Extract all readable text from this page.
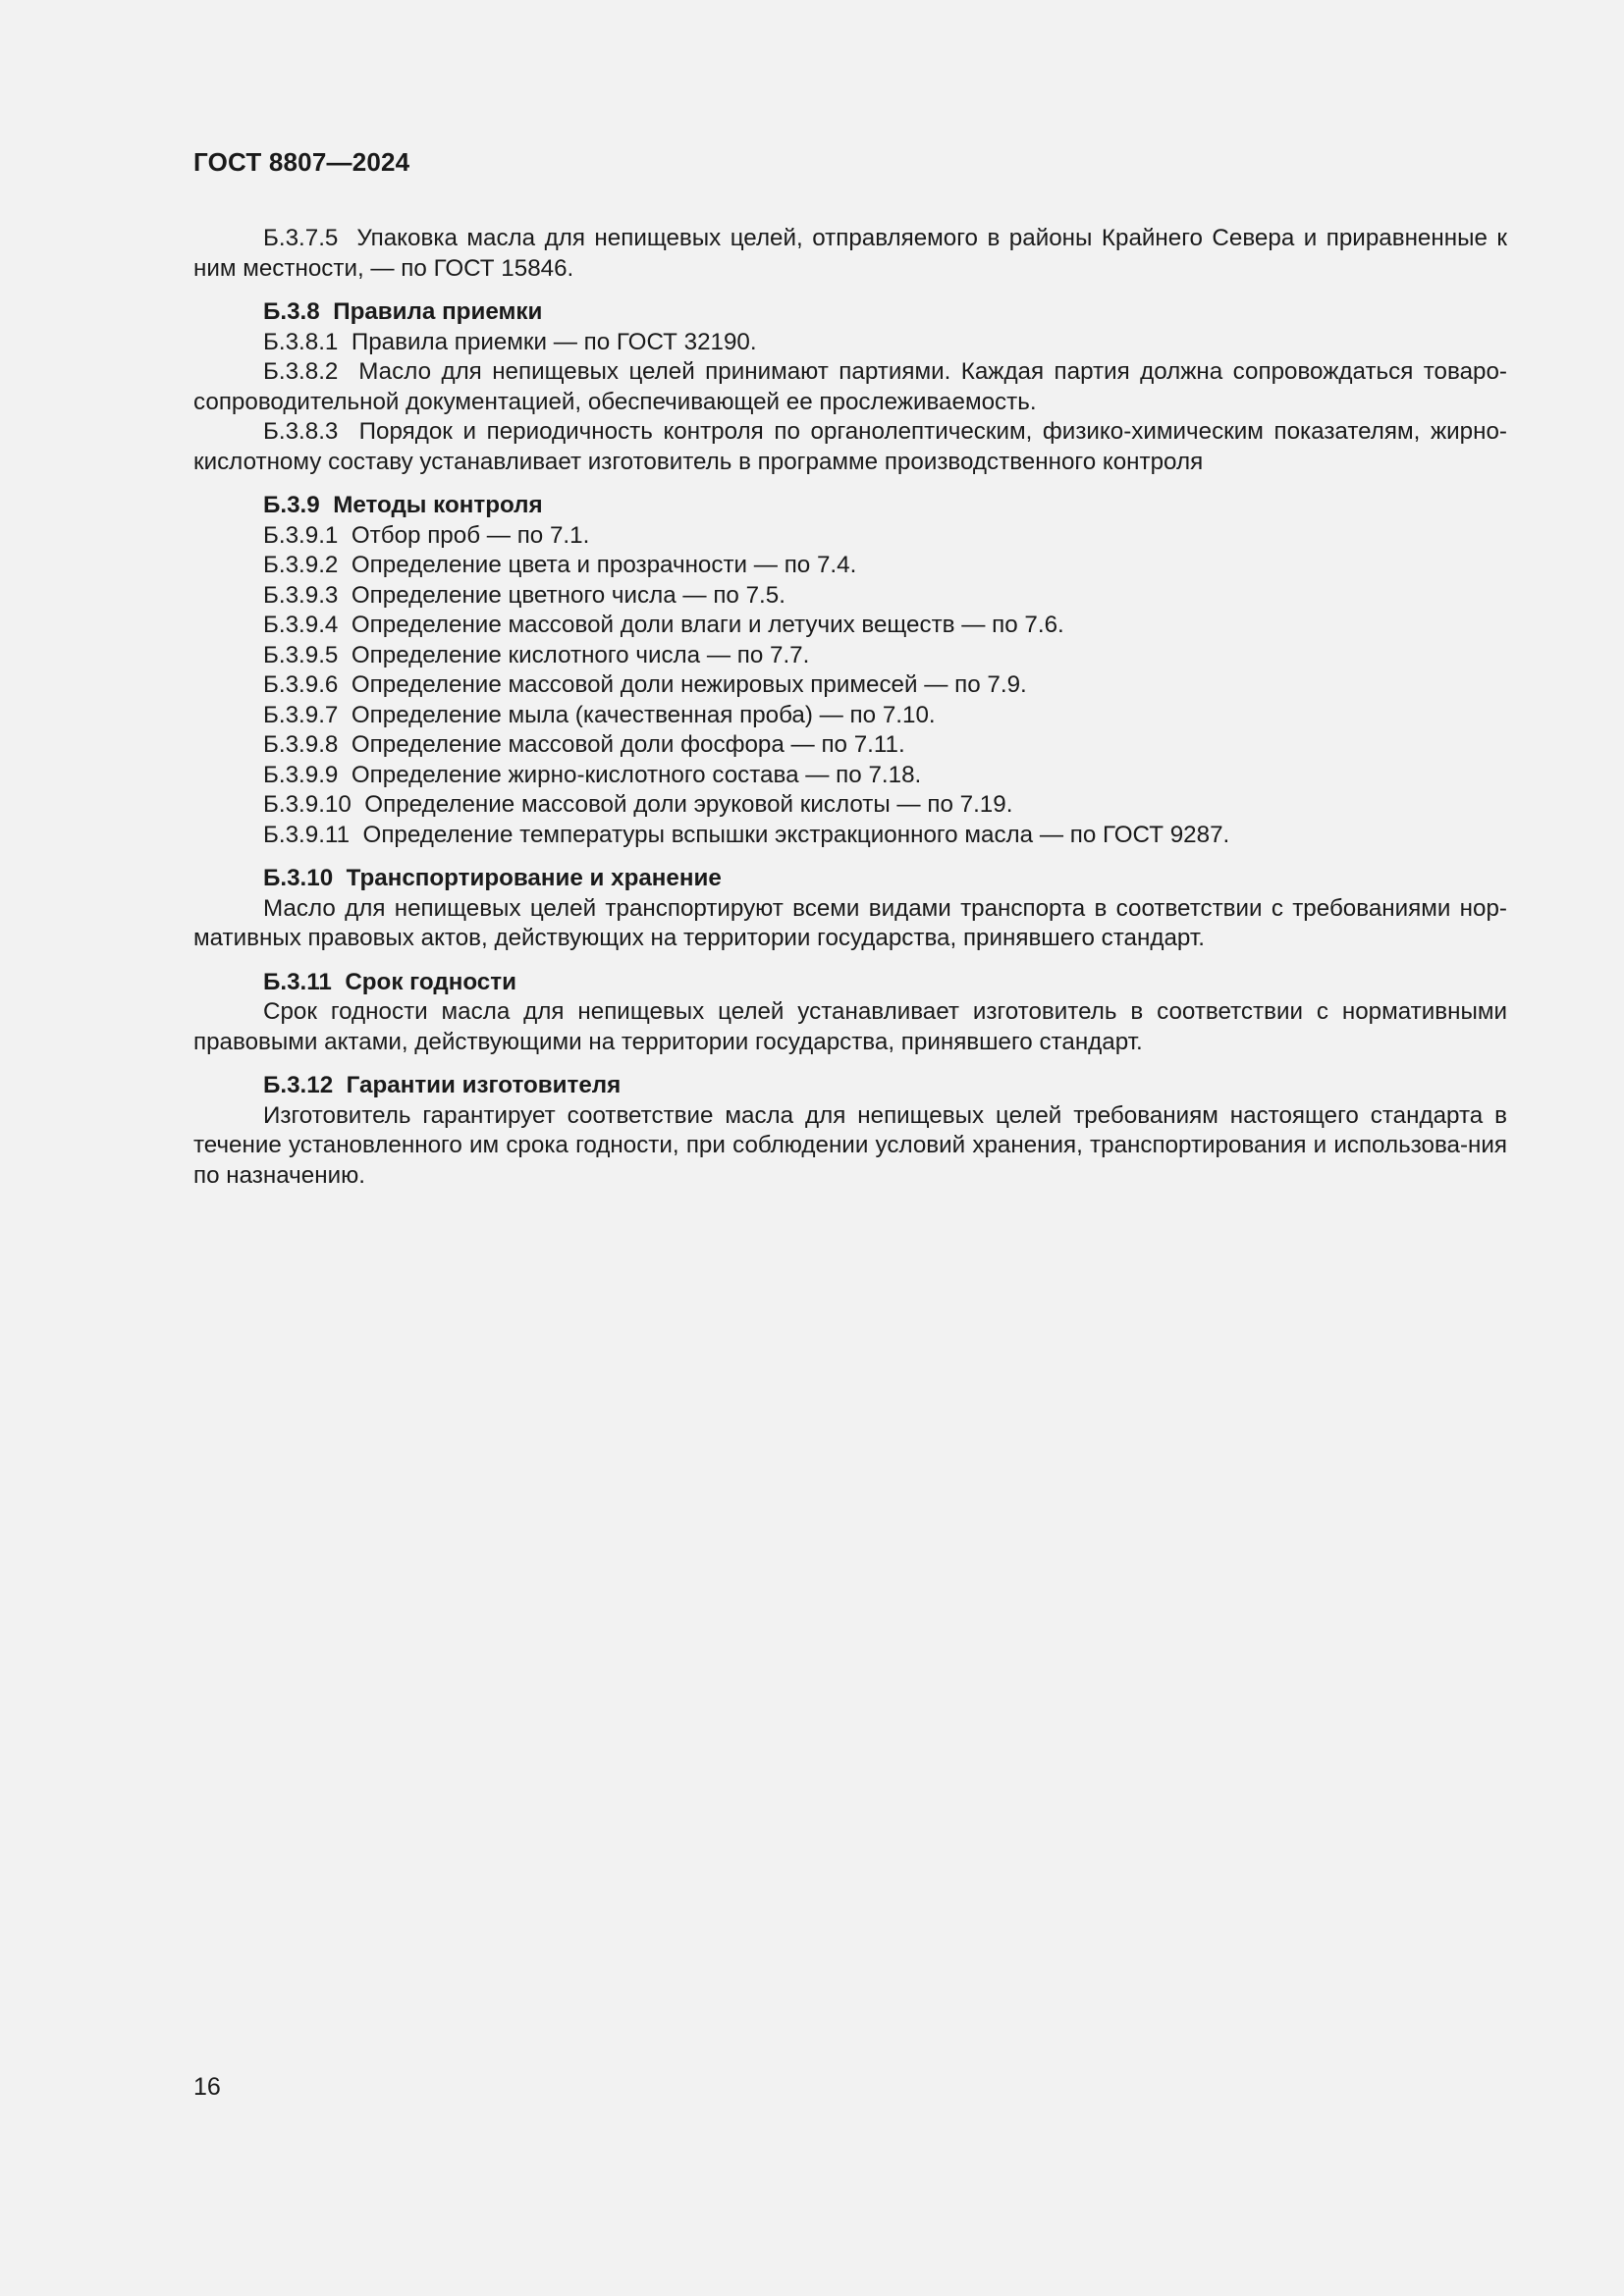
ГОСТ 8807—2024

Б.3.7.5 Упаковка масла для непищевых целей, отправляемого в районы Крайнего Севера и приравненные к ним местности, — по ГОСТ 15846.

Б.3.8 Правила приемки

Б.3.8.1 Правила приемки — по ГОСТ 32190.

Б.3.8.2 Масло для непищевых целей принимают партиями. Каждая партия должна сопровождаться товаро-сопроводительной документацией, обеспечивающей ее прослеживаемость.

Б.3.8.3 Порядок и периодичность контроля по органолептическим, физико-химическим показателям, жирно-кислотному составу устанавливает изготовитель в программе производственного контроля

Б.3.9 Методы контроля

Б.3.9.1 Отбор проб — по 7.1.

Б.3.9.2 Определение цвета и прозрачности — по 7.4.

Б.3.9.3 Определение цветного числа — по 7.5.

Б.3.9.4 Определение массовой доли влаги и летучих веществ — по 7.6.

Б.3.9.5 Определение кислотного числа — по 7.7.

Б.3.9.6 Определение массовой доли нежировых примесей — по 7.9.

Б.3.9.7 Определение мыла (качественная проба) — по 7.10.

Б.3.9.8 Определение массовой доли фосфора — по 7.11.

Б.3.9.9 Определение жирно-кислотного состава — по 7.18.

Б.3.9.10 Определение массовой доли эруковой кислоты — по 7.19.

Б.3.9.11 Определение температуры вспышки экстракционного масла — по ГОСТ 9287.

Б.3.10 Транспортирование и хранение

Масло для непищевых целей транспортируют всеми видами транспорта в соответствии с требованиями нор-мативных правовых актов, действующих на территории государства, принявшего стандарт.

Б.3.11 Срок годности

Срок годности масла для непищевых целей устанавливает изготовитель в соответствии с нормативными правовыми актами, действующими на территории государства, принявшего стандарт.

Б.3.12 Гарантии изготовителя

Изготовитель гарантирует соответствие масла для непищевых целей требованиям настоящего стандарта в течение установленного им срока годности, при соблюдении условий хранения, транспортирования и использова-ния по назначению.

16
